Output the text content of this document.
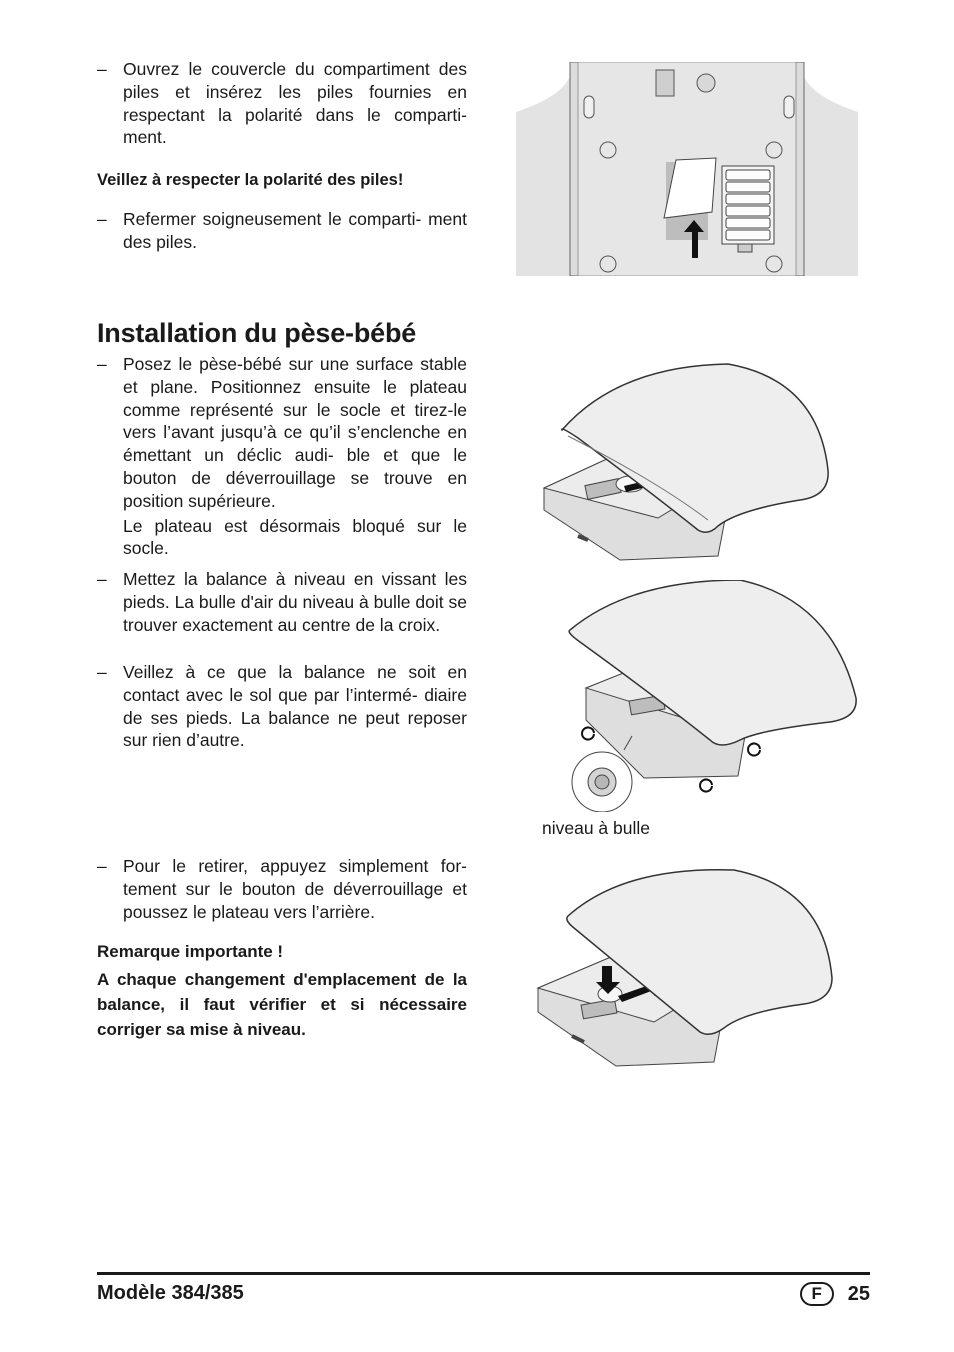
– Ouvrez le couvercle du compartiment des piles et insérez les piles fournies en respectant la polarité dans le comparti- ment.
Veillez à respecter la polarité des piles!
– Refermer soigneusement le comparti- ment des piles.
Installation du pèse-bébé
– Posez le pèse-bébé sur une surface stable et plane. Positionnez ensuite le plateau comme représenté sur le socle et tirez-le vers l’avant jusqu’à ce qu’il s’enclenche en émettant un déclic audi- ble et que le bouton de déverrouillage se trouve en position supérieure.

Le plateau est désormais bloqué sur le socle.

– Mettez la balance à niveau en vissant les pieds. La bulle d'air du niveau à bulle doit se trouver exactement au centre de la croix.
– Veillez à ce que la balance ne soit en contact avec le sol que par l’intermé- diaire de ses pieds. La balance ne peut reposer sur rien d’autre.
niveau à bulle
– Pour le retirer, appuyez simplement for- tement sur le bouton de déverrouillage et poussez le plateau vers l’arrière.
Remarque importante !
A chaque changement d'emplacement de la balance, il faut vérifier et si nécessaire corriger sa mise à niveau.
Modèle 384/385	F	25
